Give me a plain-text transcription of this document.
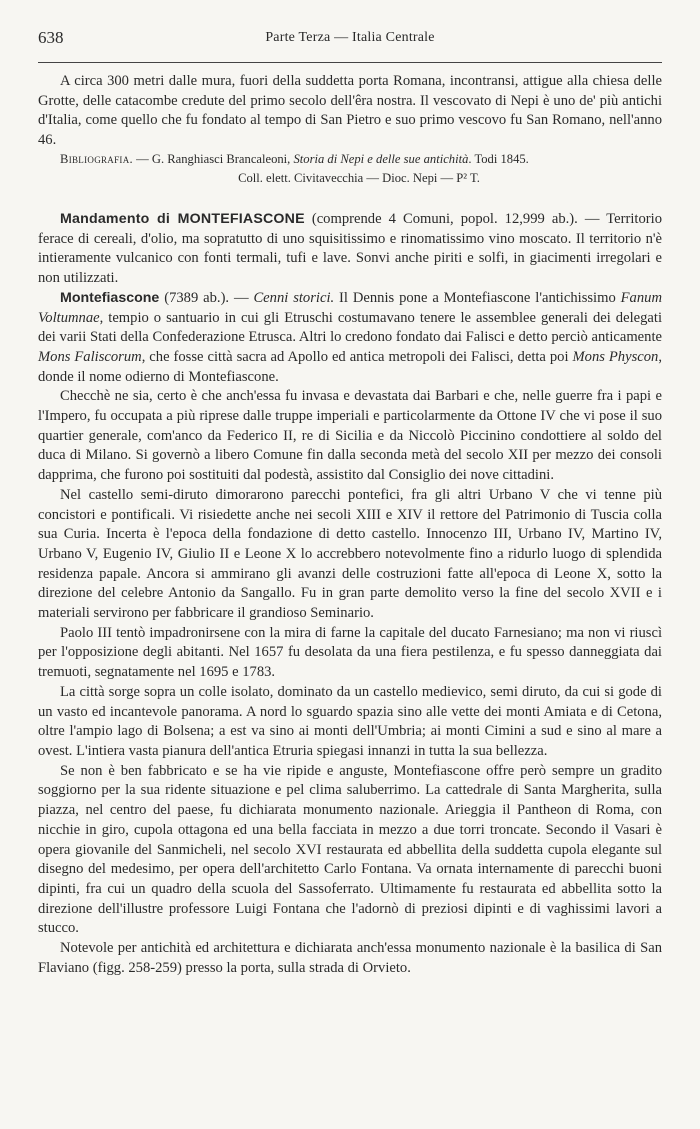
638	Parte Terza — Italia Centrale

A circa 300 metri dalle mura, fuori della suddetta porta Romana, incontransi, attigue alla chiesa delle Grotte, delle catacombe credute del primo secolo dell'êra nostra. Il vescovato di Nepi è uno de' più antichi d'Italia, come quello che fu fondato al tempo di San Pietro e suo primo vescovo fu San Romano, nell'anno 46.

Bibliografia. — G. Ranghiasci Brancaleoni, Storia di Nepi e delle sue antichità. Todi 1845.
Coll. elett. Civitavecchia — Dioc. Nepi — P² T.

Mandamento di MONTEFIASCONE (comprende 4 Comuni, popol. 12,999 ab.). — Territorio ferace di cereali, d'olio, ma sopratutto di uno squisitissimo e rinomatissimo vino moscato. Il territorio n'è intieramente vulcanico con fonti termali, tufi e lave. Sonvi anche piriti e solfi, in giacimenti irregolari e non utilizzati.

Montefiascone (7389 ab.). — Cenni storici. Il Dennis pone a Montefiascone l'antichissimo Fanum Voltumnae, tempio o santuario in cui gli Etruschi costumavano tenere le assemblee generali dei delegati dei varii Stati della Confederazione Etrusca. Altri lo credono fondato dai Falisci e detto perciò anticamente Mons Faliscorum, che fosse città sacra ad Apollo ed antica metropoli dei Falisci, detta poi Mons Physcon, donde il nome odierno di Montefiascone.

Checchè ne sia, certo è che anch'essa fu invasa e devastata dai Barbari e che, nelle guerre fra i papi e l'Impero, fu occupata a più riprese dalle truppe imperiali e particolarmente da Ottone IV che vi pose il suo quartier generale, com'anco da Federico II, re di Sicilia e da Niccolò Piccinino condottiere al soldo del duca di Milano. Si governò a libero Comune fin dalla seconda metà del secolo XII per mezzo dei consoli dapprima, che furono poi sostituiti dal podestà, assistito dal Consiglio dei nove cittadini.

Nel castello semi-diruto dimorarono parecchi pontefici, fra gli altri Urbano V che vi tenne più concistori e pontificali. Vi risiedette anche nei secoli XIII e XIV il rettore del Patrimonio di Tuscia colla sua Curia. Incerta è l'epoca della fondazione di detto castello. Innocenzo III, Urbano IV, Martino IV, Urbano V, Eugenio IV, Giulio II e Leone X lo accrebbero notevolmente fino a ridurlo luogo di splendida residenza papale. Ancora si ammirano gli avanzi delle costruzioni fatte all'epoca di Leone X, sotto la direzione del celebre Antonio da Sangallo. Fu in gran parte demolito verso la fine del secolo XVII e i materiali servirono per fabbricare il grandioso Seminario.

Paolo III tentò impadronirsene con la mira di farne la capitale del ducato Farnesiano; ma non vi riuscì per l'opposizione degli abitanti. Nel 1657 fu desolata da una fiera pestilenza, e fu spesso danneggiata dai tremuoti, segnatamente nel 1695 e 1783.

La città sorge sopra un colle isolato, dominato da un castello medievico, semi diruto, da cui si gode di un vasto ed incantevole panorama. A nord lo sguardo spazia sino alle vette dei monti Amiata e di Cetona, oltre l'ampio lago di Bolsena; a est va sino ai monti dell'Umbria; ai monti Cimini a sud e sino al mare a ovest. L'intiera vasta pianura dell'antica Etruria spiegasi innanzi in tutta la sua bellezza.

Se non è ben fabbricato e se ha vie ripide e anguste, Montefiascone offre però sempre un gradito soggiorno per la sua ridente situazione e pel clima saluberrimo. La cattedrale di Santa Margherita, sulla piazza, nel centro del paese, fu dichiarata monumento nazionale. Arieggia il Pantheon di Roma, con nicchie in giro, cupola ottagona ed una bella facciata in mezzo a due torri troncate. Secondo il Vasari è opera giovanile del Sanmicheli, nel secolo XVI restaurata ed abbellita della suddetta cupola elegante sul disegno del medesimo, per opera dell'architetto Carlo Fontana. Va ornata internamente di parecchi buoni dipinti, fra cui un quadro della scuola del Sassoferrato. Ultimamente fu restaurata ed abbellita sotto la direzione dell'illustre professore Luigi Fontana che l'adornò di preziosi dipinti e di vaghissimi lavori a stucco.

Notevole per antichità ed architettura e dichiarata anch'essa monumento nazionale è la basilica di San Flaviano (figg. 258-259) presso la porta, sulla strada di Orvieto.
